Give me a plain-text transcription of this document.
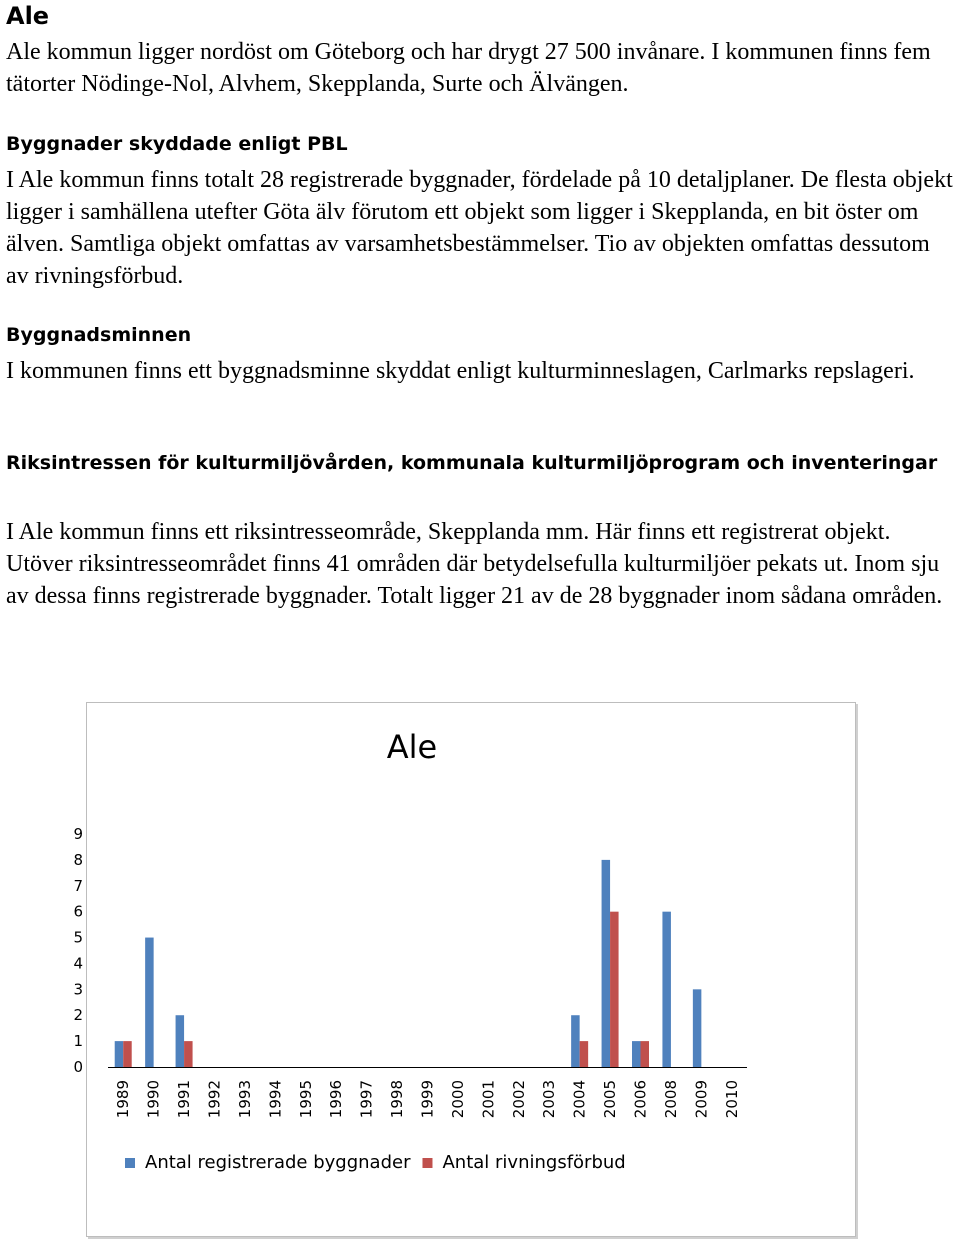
Ale

Ale kommun ligger nordöst om Göteborg och har drygt 27 500 invånare. I kommunen finns fem tätorter Nödinge-Nol, Alvhem, Skepplanda, Surte och Älvängen.

Byggnader skyddade enligt PBL

I Ale kommun finns totalt 28 registrerade byggnader, fördelade på 10 detaljplaner. De flesta objekt ligger i samhällena utefter Göta älv förutom ett objekt som ligger i Skepplanda, en bit öster om älven. Samtliga objekt omfattas av varsamhetsbestämmelser. Tio av objekten omfattas dessutom av rivningsförbud.

Byggnadsminnen

I kommunen finns ett byggnadsminne skyddat enligt kulturminneslagen, Carlmarks repslageri.

Riksintressen för kulturmiljövården, kommunala kulturmiljöprogram och inventeringar

I Ale kommun finns ett riksintresseområde, Skepplanda mm. Här finns ett registrerat objekt. Utöver riksintresseområdet finns 41 områden där betydelsefulla kulturmiljöer pekats ut. Inom sju av dessa finns registrerade byggnader. Totalt ligger 21 av de 28 byggnader inom sådana områden.

Ale
0
1
2
3
4
5
6
7
8
9
1989 1990 1991 1992 1993 1994 1995 1996 1997 1998 1999 2000 2001 2002 2003 2004 2005 2006 2008 2009 2010
Antal registrerade byggnader Antal rivningsförbud
